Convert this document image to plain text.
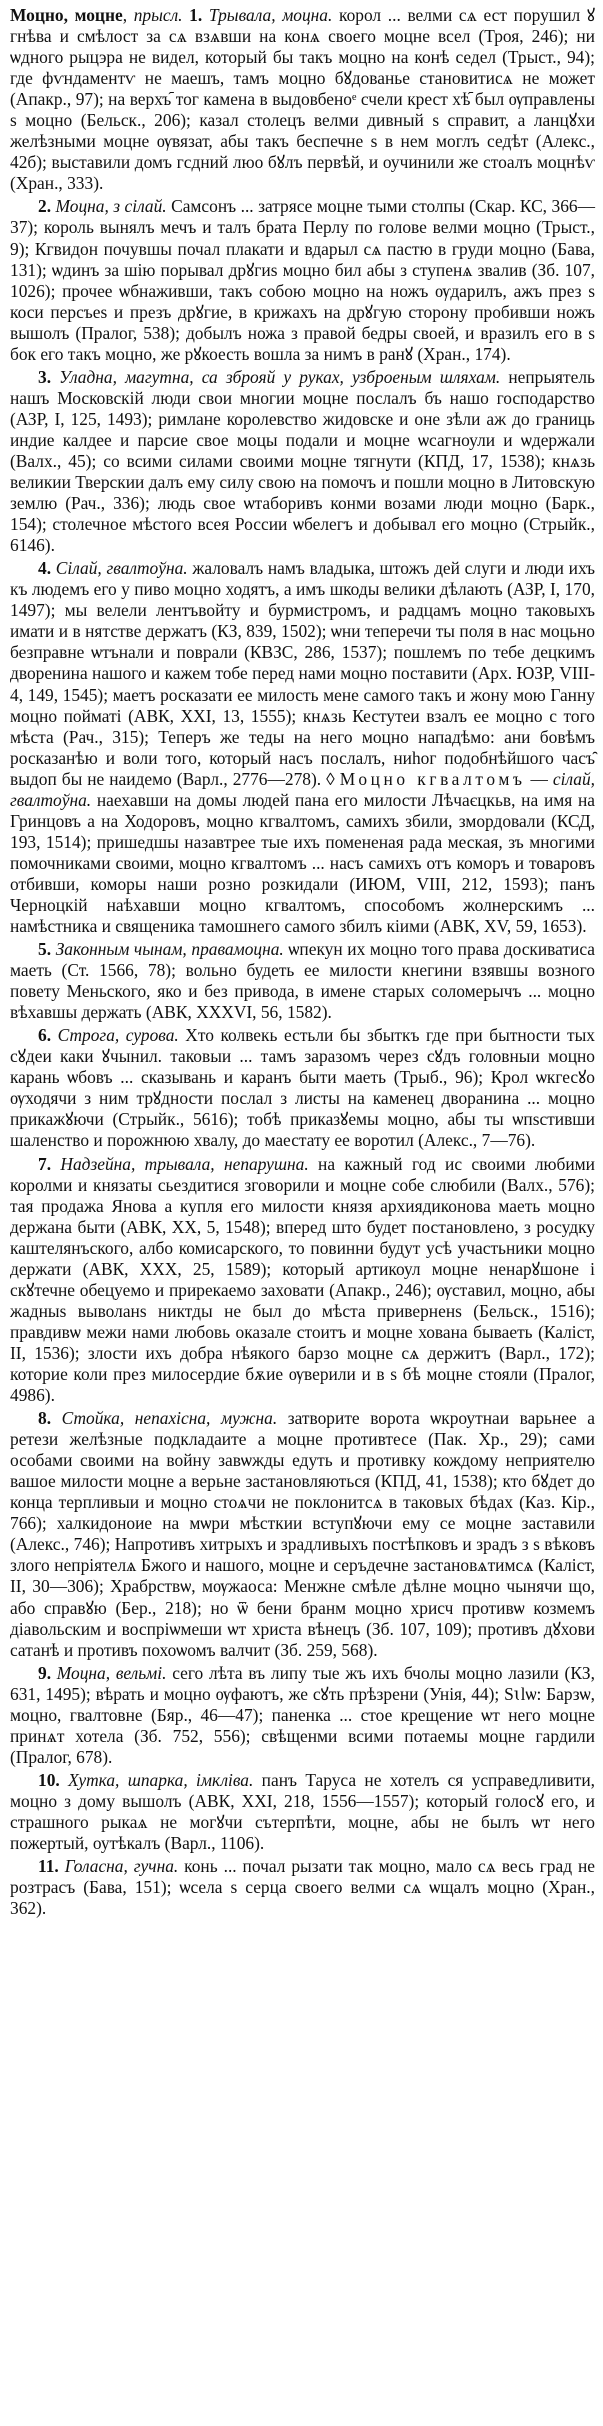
Моцно, моцне, прысл. 1. Трывала, моцна. корол ... велми сѧ ест порушил ꙋ гнѣва и смѣлост за сѧ взѧвши на конѧ своего моцне всел (Троя, 246); ни ѡдного рыцэра не видел, который бы такъ моцно на конѣ седел (Трыст., 94); где фѵндаментѵ не маешъ, тамъ моцно бꙋдованье становитисѧ не может (Апакр., 97); на верхъ᷇ тог камена в выдовбеноᵉ счели крест хѣ᷇ был ѹправлены ѕ моцно (Бельск., 206); казал столецъ велми дивный ѕ справит, а ланцꙋхи желѣзными моцне ѹвязат, абы такъ беспечне ѕ в нем моглъ седѣт (Алекс., 42б); выставили домъ гсдний люо бꙋлъ первѣй, и оучинили же стоалъ моцнѣѵ (Хран., 333).

2. Моцна, з сілай. Самсонъ ... затрясе моцне тыми столпы (Скар. КС, 366—37); король вынялъ мечъ и талъ брата Перлу по голове велми моцно (Трыст., 9); Кгвидон почувшы почал плакати и вдарыл сѧ пастю в груди моцно (Бава, 131); ѡдинъ за шію порывал дрꙋгиѕ моцно бил абы з ступенѧ звалив (Зб. 107, 1026); прочее ѡбнаживши, такъ собою моцно на ножъ ѹдарилъ, ажъ през ѕ коси персъеѕ и презъ дрꙋгие, в крижахъ на дрꙋгую сторону пробивши ножъ вышолъ (Пралог, 538); добылъ ножа з правой бедры своей, и вразилъ его в ѕ бок его такъ моцно, же рꙋкоесть вошла за нимъ в ранꙋ (Хран., 174).

3. Уладна, магутна, са зброяй у руках, узброеным шляхам. непрыятель нашъ Московскій люди свои многии моцне послалъ бъ нашо господарство (АЗР, І, 125, 1493); римлане королевство жидовске и оне зѣли аж до границь индие калдее и парсие свое моцы подали и моцне ѡсагноули и ѡдержали (Валх., 45); со всими силами своими моцне тягнути (КПД, 17, 1538); кнѧзь великии Тверскии далъ ему силу свою на помочъ и пошли моцно в Литовскую землю (Рач., 336); людь свое ѡтаборивъ конми возами люди моцно (Барк., 154); столечное мѣстого всея России ѡбелегъ и добывал его моцно (Стрыйк., 6146).

4. Сілай, гвалтоўна. жаловалъ намъ владыка, штожъ дей слуги и люди ихъ къ людемъ его у пиво моцно ходятъ, а имъ шкоды велики дѣлають (АЗР, І, 170, 1497); мы велели лентъвойту и бурмистромъ, и радцамъ моцно таковыхъ имати и в нятстве держатъ (КЗ, 839, 1502); ѡни теперечи ты поля в нас моцьно безправне ѡтънали и поврали (КВЗС, 286, 1537); пошлемъ по тебе децкимъ дворенина нашого и кажем тобе перед нами моцно поставити (Арх. ЮЗР, VIII-4, 149, 1545); маетъ росказати ее милость мене самого такъ и жону мою Ганну моцно пойматі (АВК, XXI, 13, 1555); кнѧзь Кестутеи взалъ ее моцно с того мѣста (Рач., 315); Теперъ же теды на него моцно нападѣмо: ани бовѣмъ росказанѣю и воли того, который насъ послалъ, ниhог подобнѣйшого часъ̑ выдоп бы не наидемо (Варл., 2776—278). ◊ Моцно кгвалтомъ — сілай, гвалтоўна. наехавши на домы людей пана его милости Лѣчаєцкьв, на имя на Гринцовъ а на Ходоровъ, моцно кгвалтомъ, самихъ збили, змордовали (КСД, 193, 1514); пришедшы назавтрее тые ихъ помененая рада меская, зъ многими помочниками своими, моцно кгвалтомъ ... насъ самихъ отъ коморъ и товаровъ отбивши, коморы наши розно розкидали (ИЮМ, VIII, 212, 1593); панъ Черноцкій наѣхавши моцно кгвалтомъ, способомъ жолнерскимъ ... намѣстника и священика тамошнего самого збилъ кіими (АВК, XV, 59, 1653).

5. Законным чынам, правамоцна. ѡпекун их моцно того права доскиватиса маеть (Ст. 1566, 78); вольно будеть ее милости кнегини взявшы возного повету Меньского, яко и без привода, в имене старых соломерычъ ... моцно вѣхавшы держать (АВК, XXXVI, 56, 1582).

6. Строга, сурова. Хто колвекь естьли бы збыткъ где при бытности тых сꙋдеи каки ꙋчынил. таковыи ... тамъ заразомъ через сꙋдъ головныи моцно карань ѡбовъ ... сказывань и каранъ быти маеть (Трыб., 96); Крол ѡкгесꙋо ѹходячи з ним трꙋдности послал з листы на каменец дворанина ... моцно прикажꙋючи (Стрыйк., 5616); тобѣ приказꙋемы моцно, абы ты ѡпѕстивши шаленство и порожнюю хвалу, до маестату ее воротил (Алекс., 7—76).

7. Надзейна, трывала, непарушна. на кажный год ис своими любими королми и князаты сьездитися зговорили и моцне собе слюбили (Валх., 576); тая продажа Янова а купля его милости князя архиядиконова маеть моцно держана быти (АВК, XX, 5, 1548); вперед што будет постановлено, з росудку каштелянъского, албо комисарского, то повинни будут усѣ участьники моцно держати (АВК, XXX, 25, 1589); который артикоул моцне ненарꙋшоне і скꙋтечне обецуемо и прирекаемо заховати (Апакр., 246); ѹставил, моцно, абы жадныѕ выволанѕ никтды не был до мѣста приверненѕ (Бельск., 1516); правдивѡ межи нами любовь оказале стоитъ и моцне хована бываеть (Каліст, ІІ, 1536); злости ихъ добра нѣякого барзо моцне сѧ держитъ (Варл., 172); которие коли през милосердие бѫие ѹверили и в ѕ бѣ моцне стояли (Пралог, 4986).

8. Стойка, непахісна, мужна. затворите ворота ѡкроутнаи варьнее а ретези желѣзные подкладаите а моцне противтесе (Пак. Хр., 29); сами особами своими на войну завѡжды едуть и противку кождому неприятелю вашое милости моцне а верьне застановляються (КПД, 41, 1538); кто бꙋдет до конца терпливыи и моцно стоѧчи не поклонитсѧ в таковых бѣдах (Каз. Кір., 766); халкидоноие на мѡри мѣсткии вступꙋючи ему се моцне заставили (Алекс., 746); Напротивъ хитрыхъ и зрадливыхъ постѣпковъ и зрадъ з ѕ вѣковъ злого непрiятелѧ Бжого и нашого, моцне и серъдечне застановѧтимсѧ (Каліст, ІІ, 30—306); Храбрствѡ, мѹжаоса: Менжне смѣле дѣлне моцно чынячи що, або справꙋю (Бер., 218); но ѿ бени бранм моцно хрисч противѡ козмемъ діавольским и воспрiѡмеши ѡт христа вѣнецъ (Зб. 107, 109); противъ дꙋхови сатанѣ и противъ похоѡомъ валчит (Зб. 259, 568).

9. Моцна, вельмі. сего лѣта въ липу тые жъ ихъ бчолы моцно лазили (КЗ, 631, 1495); вѣрать и моцно ѹфаютъ, же сꙋть прѣзрени (Унія, 44); Sꙇlѡ: Барзѡ, моцно, гвалтовне (Бяр., 46—47); паненка ... стое крещение ѡт него моцне принѧт хотела (Зб. 752, 556); свѣщенми всими потаемы моцне гардили (Пралог, 678).

10. Хутка, шпарка, імкліва. панъ Таруса не хотелъ ся усправедливити, моцно з дому вышолъ (АВК, XXI, 218, 1556—1557); который голосꙋ его, и страшного рыкаѧ не могꙋчи сътерпѣти, моцне, абы не былъ ѡт него пожертый, оутѣкалъ (Варл., 1106).

11. Голасна, гучна. конь ... почал рызати так моцно, мало сѧ весь град не розтрасъ (Бава, 151); ѡсела ѕ серца своего велми сѧ ѡщалъ моцно (Хран., 362).
